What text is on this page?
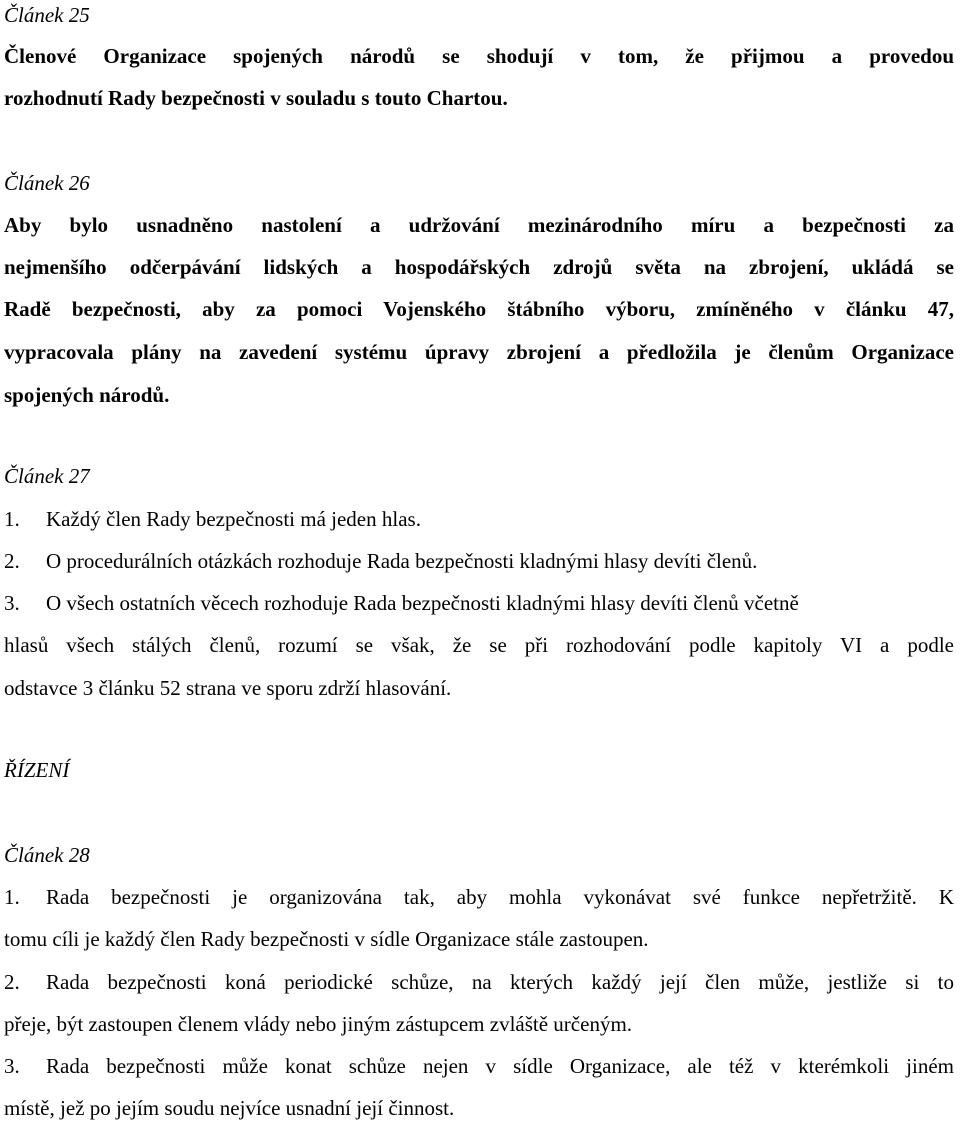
Článek 25
Členové Organizace spojených národů se shodují v tom, že přijmou a provedou
rozhodnutí Rady bezpečnosti v souladu s touto Chartou.
Článek 26
Aby bylo usnadněno nastolení a udržování mezinárodního míru a bezpečnosti za
nejmenšího odčerpávání lidských a hospodářských zdrojů světa na zbrojení, ukládá se
Radě bezpečnosti, aby za pomoci Vojenského štábního výboru, zmíněného v článku 47,
vypracovala plány na zavedení systému úpravy zbrojení a předložila je členům Organizace
spojených národů.
Článek 27
1. Každý člen Rady bezpečnosti má jeden hlas.
2. O procedurálních otázkách rozhoduje Rada bezpečnosti kladnými hlasy devíti členů.
3. O všech ostatních věcech rozhoduje Rada bezpečnosti kladnými hlasy devíti členů včetně
hlasů všech stálých členů, rozumí se však, že se při rozhodování podle kapitoly VI a podle
odstavce 3 článku 52 strana ve sporu zdrží hlasování.
ŘÍZENÍ
Článek 28
1. Rada bezpečnosti je organizována tak, aby mohla vykonávat své funkce nepřetržitě. K
tomu cíli je každý člen Rady bezpečnosti v sídle Organizace stále zastoupen.
2. Rada bezpečnosti koná periodické schůze, na kterých každý její člen může, jestliže si to
přeje, být zastoupen členem vlády nebo jiným zástupcem zvláště určeným.
3. Rada bezpečnosti může konat schůze nejen v sídle Organizace, ale též v kterémkoli jiném
místě, jež po jejím soudu nejvíce usnadní její činnost.
